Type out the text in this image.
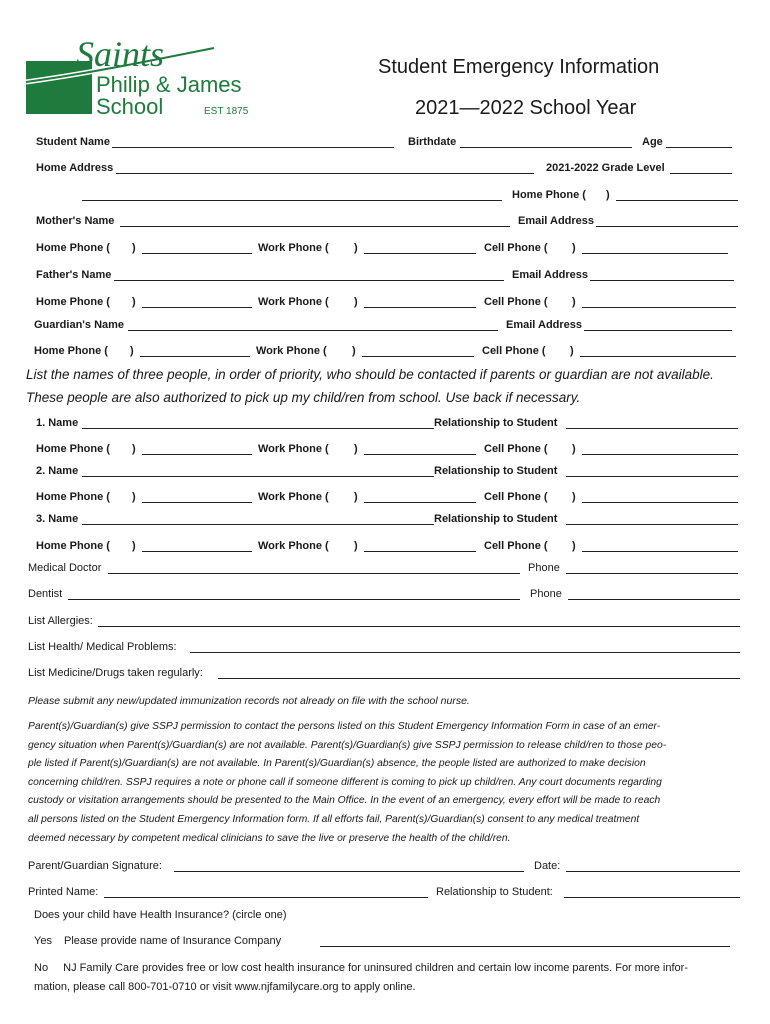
Saints
Philip & James
School	EST 1875
Student Emergency Information
2021—2022 School Year
Student Name	Birthdate	Age
Home Address	2021-2022 Grade Level
Home Phone ( )
Mother's Name	Email Address
Home Phone ( )	Work Phone ( )	Cell Phone ( )
Father's Name	Email Address
Home Phone ( )	Work Phone ( )	Cell Phone ( )
Guardian's Name	Email Address
Home Phone ( )	Work Phone ( )	Cell Phone ( )
List the names of three people, in order of priority, who should be contacted if parents or guardian are not available.
These people are also authorized to pick up my child/ren from school. Use back if necessary.
1. Name	Relationship to Student
Home Phone ( )	Work Phone ( )	Cell Phone ( )
2. Name	Relationship to Student
Home Phone ( )	Work Phone ( )	Cell Phone ( )
3. Name	Relationship to Student
Home Phone ( )	Work Phone ( )	Cell Phone ( )
Medical Doctor	Phone
Dentist	Phone
List Allergies:
List Health/ Medical Problems:
List Medicine/Drugs taken regularly:
Please submit any new/updated immunization records not already on file with the school nurse.
Parent(s)/Guardian(s) give SSPJ permission to contact the persons listed on this Student Emergency Information Form in case of an emer-
gency situation when Parent(s)/Guardian(s) are not available. Parent(s)/Guardian(s) give SSPJ permission to release child/ren to those peo-
ple listed if Parent(s)/Guardian(s) are not available. In Parent(s)/Guardian(s) absence, the people listed are authorized to make decision
concerning child/ren. SSPJ requires a note or phone call if someone different is coming to pick up child/ren. Any court documents regarding
custody or visitation arrangements should be presented to the Main Office. In the event of an emergency, every effort will be made to reach
all persons listed on the Student Emergency Information form. If all efforts fail, Parent(s)/Guardian(s) consent to any medical treatment
deemed necessary by competent medical clinicians to save the live or preserve the health of the child/ren.
Parent/Guardian Signature:	Date:
Printed Name:	Relationship to Student:
Does your child have Health Insurance? (circle one)
Yes Please provide name of Insurance Company
No NJ Family Care provides free or low cost health insurance for uninsured children and certain low income parents. For more infor-
mation, please call 800-701-0710 or visit www.njfamilycare.org to apply online.
